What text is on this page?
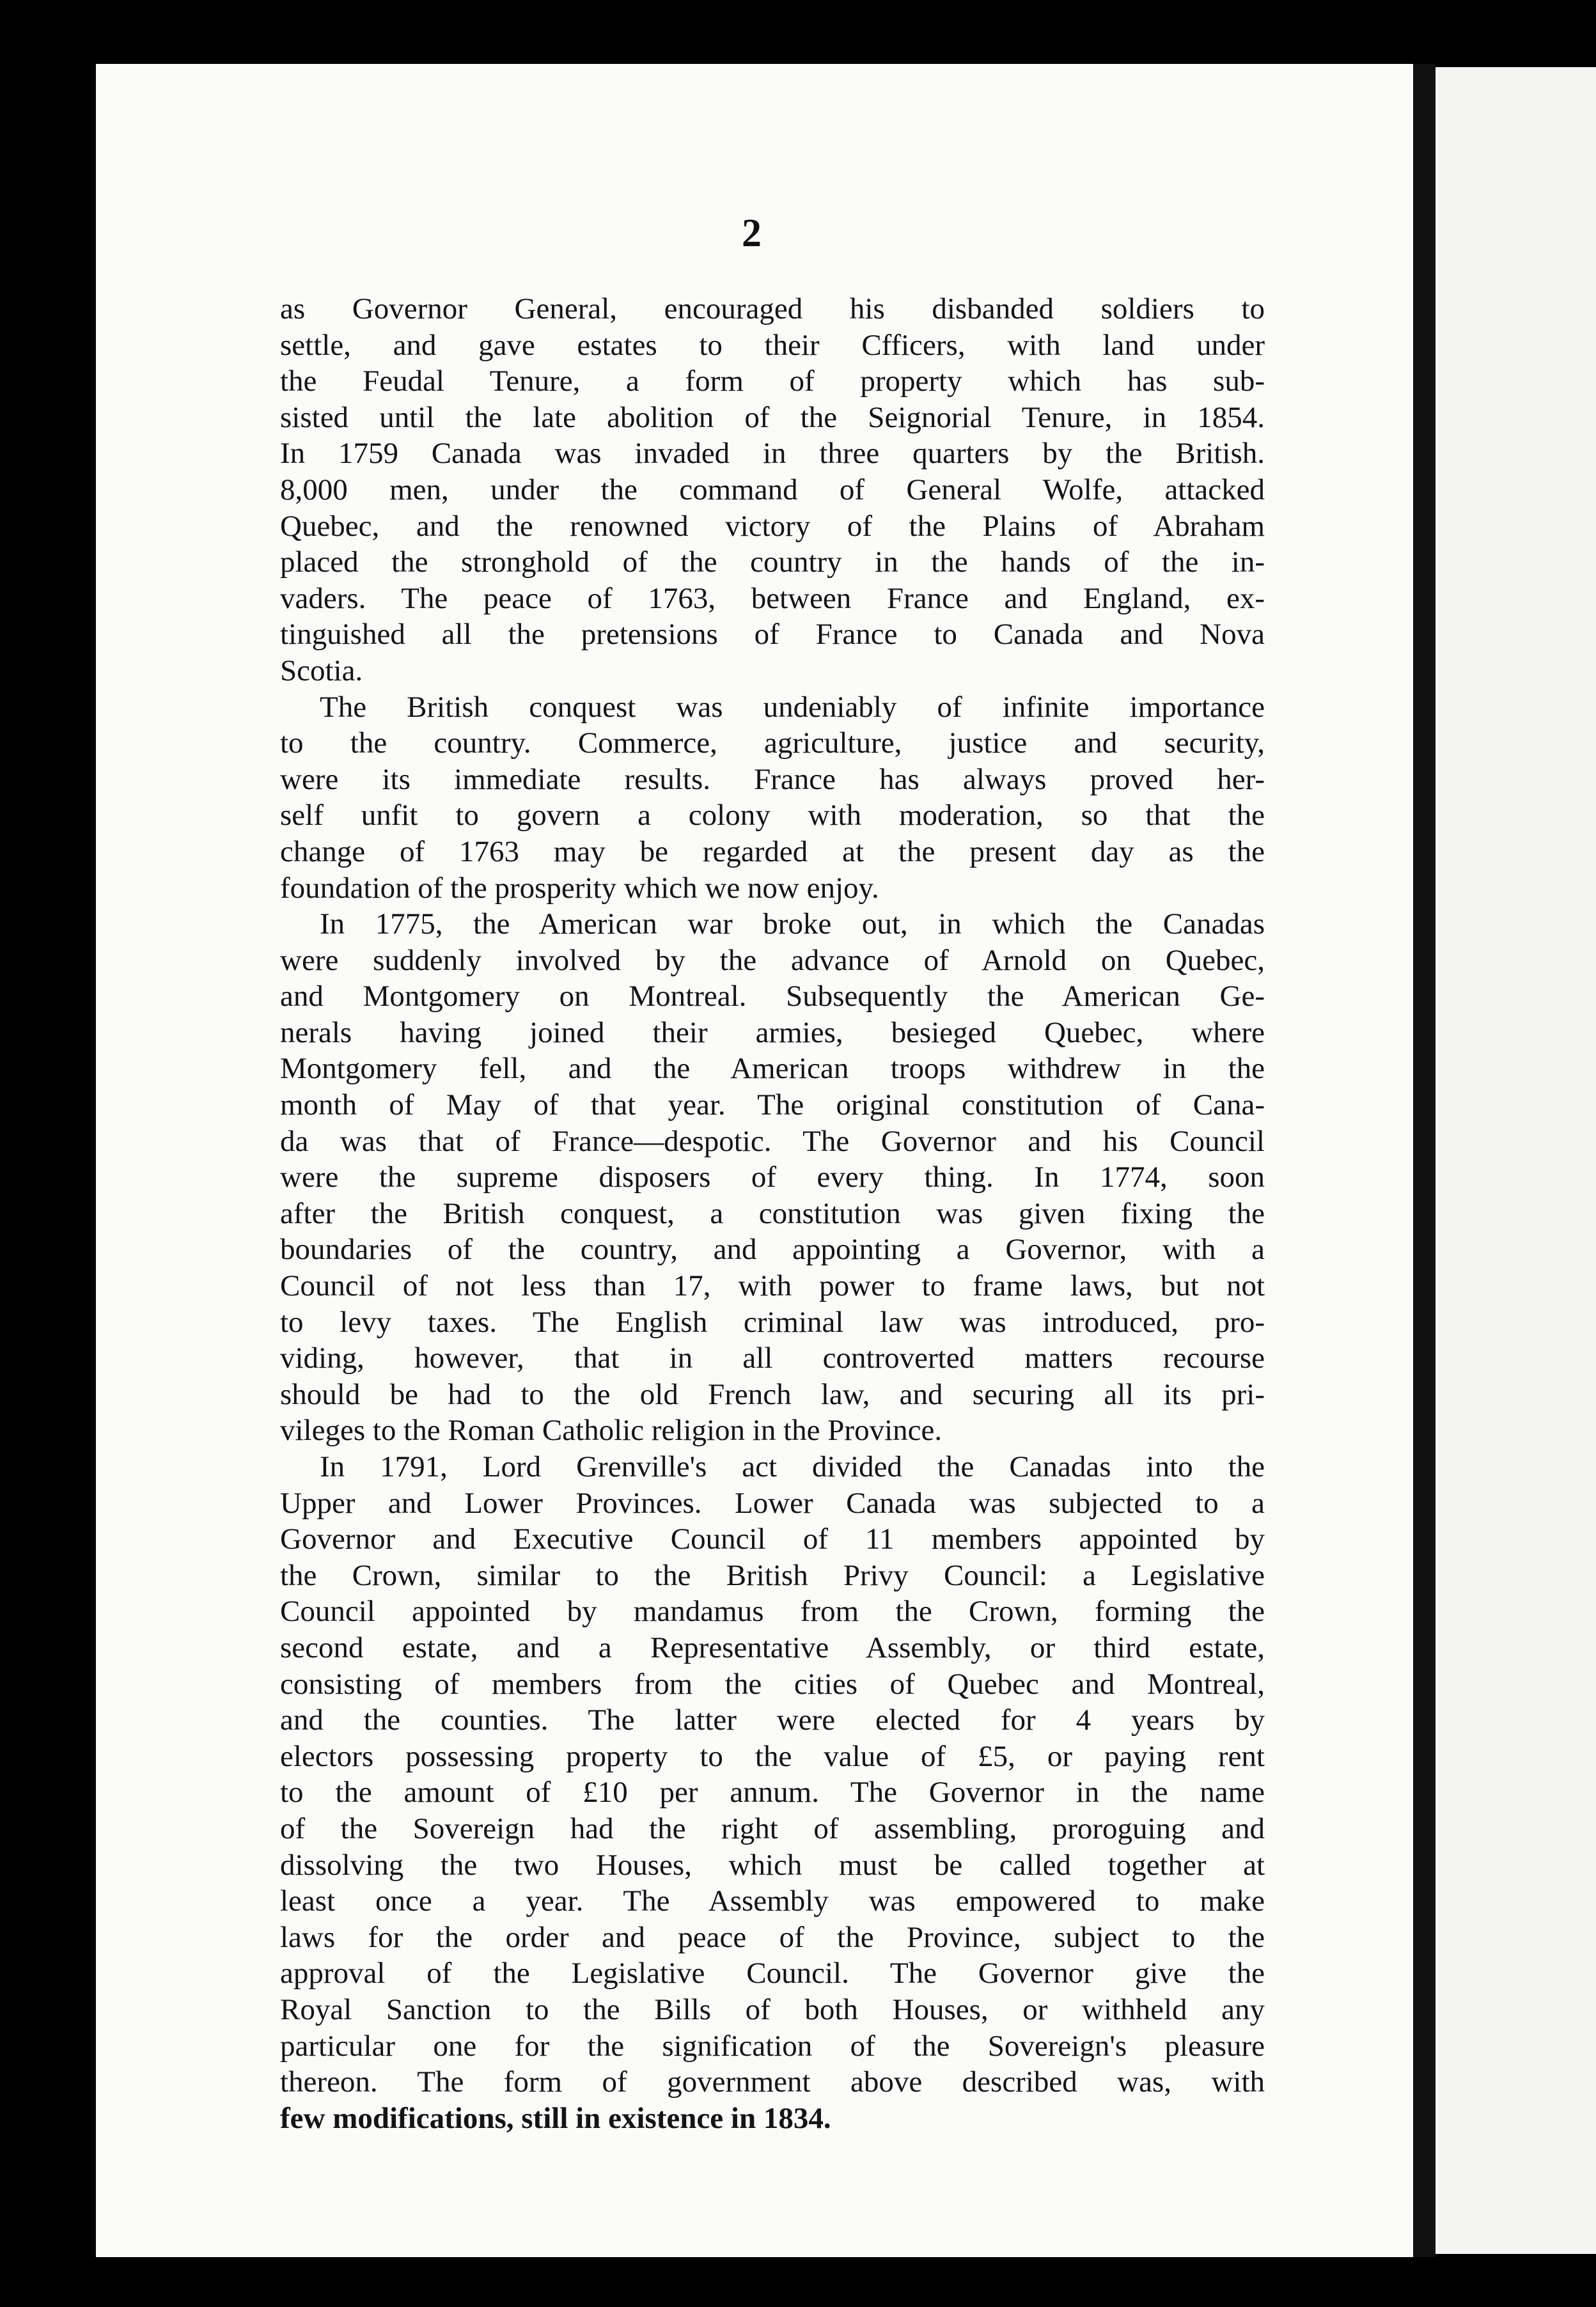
2
as Governor General, encouraged his disbanded soldiers to
settle, and gave estates to their Cfficers, with land under
the Feudal Tenure, a form of property which has sub-
sisted until the late abolition of the Seignorial Tenure, in 1854.
In 1759 Canada was invaded in three quarters by the British.
8,000 men, under the command of General Wolfe, attacked
Quebec, and the renowned victory of the Plains of Abraham
placed the stronghold of the country in the hands of the in-
vaders. The peace of 1763, between France and England, ex-
tinguished all the pretensions of France to Canada and Nova
Scotia.
The British conquest was undeniably of infinite importance
to the country. Commerce, agriculture, justice and security,
were its immediate results. France has always proved her-
self unfit to govern a colony with moderation, so that the
change of 1763 may be regarded at the present day as the
foundation of the prosperity which we now enjoy.
In 1775, the American war broke out, in which the Canadas
were suddenly involved by the advance of Arnold on Quebec,
and Montgomery on Montreal. Subsequently the American Ge-
nerals having joined their armies, besieged Quebec, where
Montgomery fell, and the American troops withdrew in the
month of May of that year. The original constitution of Cana-
da was that of France—despotic. The Governor and his Council
were the supreme disposers of every thing. In 1774, soon
after the British conquest, a constitution was given fixing the
boundaries of the country, and appointing a Governor, with a
Council of not less than 17, with power to frame laws, but not
to levy taxes. The English criminal law was introduced, pro-
viding, however, that in all controverted matters recourse
should be had to the old French law, and securing all its pri-
vileges to the Roman Catholic religion in the Province.
In 1791, Lord Grenville's act divided the Canadas into the
Upper and Lower Provinces. Lower Canada was subjected to a
Governor and Executive Council of 11 members appointed by
the Crown, similar to the British Privy Council: a Legislative
Council appointed by mandamus from the Crown, forming the
second estate, and a Representative Assembly, or third estate,
consisting of members from the cities of Quebec and Montreal,
and the counties. The latter were elected for 4 years by
electors possessing property to the value of £5, or paying rent
to the amount of £10 per annum. The Governor in the name
of the Sovereign had the right of assembling, proroguing and
dissolving the two Houses, which must be called together at
least once a year. The Assembly was empowered to make
laws for the order and peace of the Province, subject to the
approval of the Legislative Council. The Governor give the
Royal Sanction to the Bills of both Houses, or withheld any
particular one for the signification of the Sovereign's pleasure
thereon. The form of government above described was, with
few modifications, still in existence in 1834.
